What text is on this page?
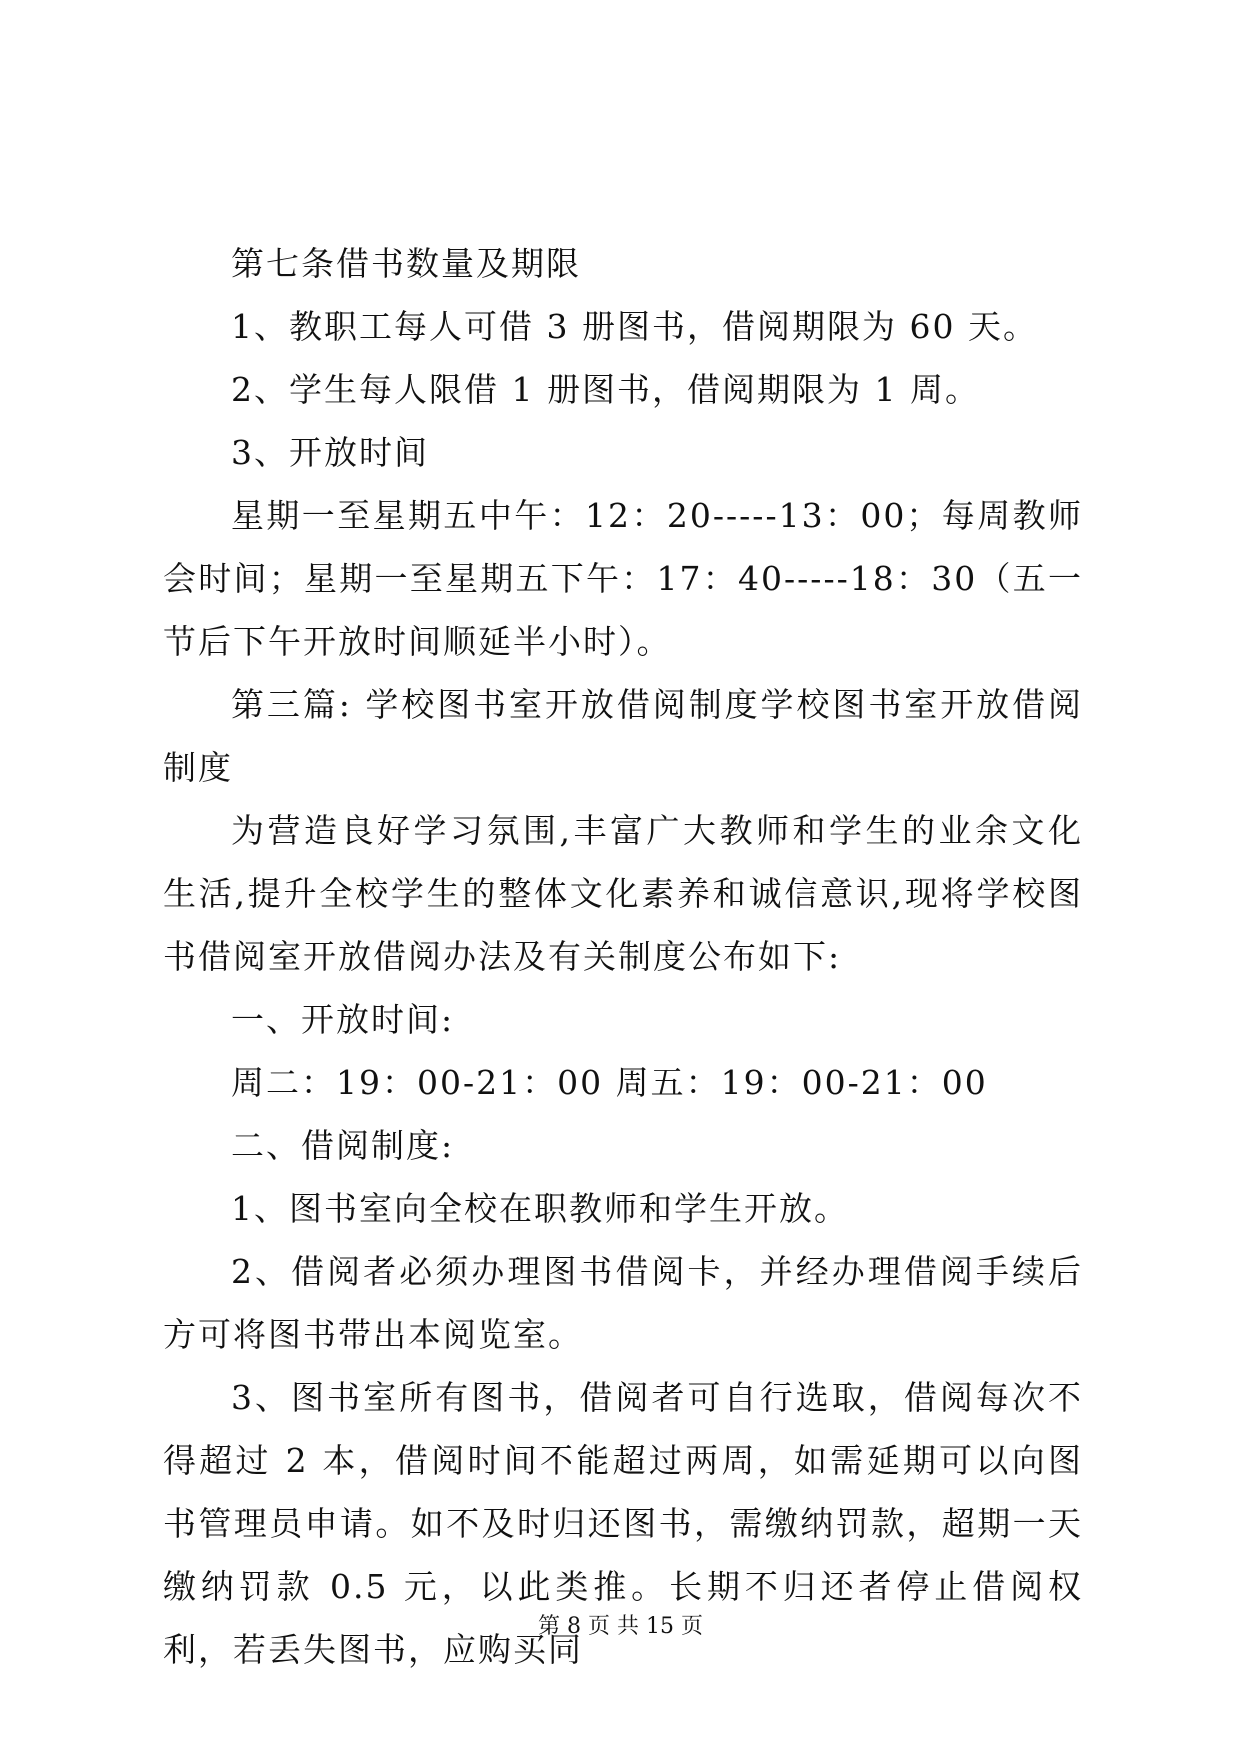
第七条借书数量及期限

1、教职工每人可借 3 册图书，借阅期限为 60 天。

2、学生每人限借 1 册图书，借阅期限为 1 周。

3、开放时间

星期一至星期五中午：12：20-----13：00；每周教师会时间；星期一至星期五下午：17：40-----18：30（五一节后下午开放时间顺延半小时）。

第三篇: 学校图书室开放借阅制度学校图书室开放借阅制度

为营造良好学习氛围,丰富广大教师和学生的业余文化生活,提升全校学生的整体文化素养和诚信意识,现将学校图书借阅室开放借阅办法及有关制度公布如下:

一、开放时间:

周二：19：00-21：00 周五：19：00-21：00

二、借阅制度:

1、图书室向全校在职教师和学生开放。

2、借阅者必须办理图书借阅卡，并经办理借阅手续后方可将图书带出本阅览室。

3、图书室所有图书，借阅者可自行选取，借阅每次不得超过 2 本，借阅时间不能超过两周，如需延期可以向图书管理员申请。如不及时归还图书，需缴纳罚款，超期一天缴纳罚款 0.5 元，以此类推。长期不归还者停止借阅权利，若丢失图书，应购买同

第 8 页 共 15 页
